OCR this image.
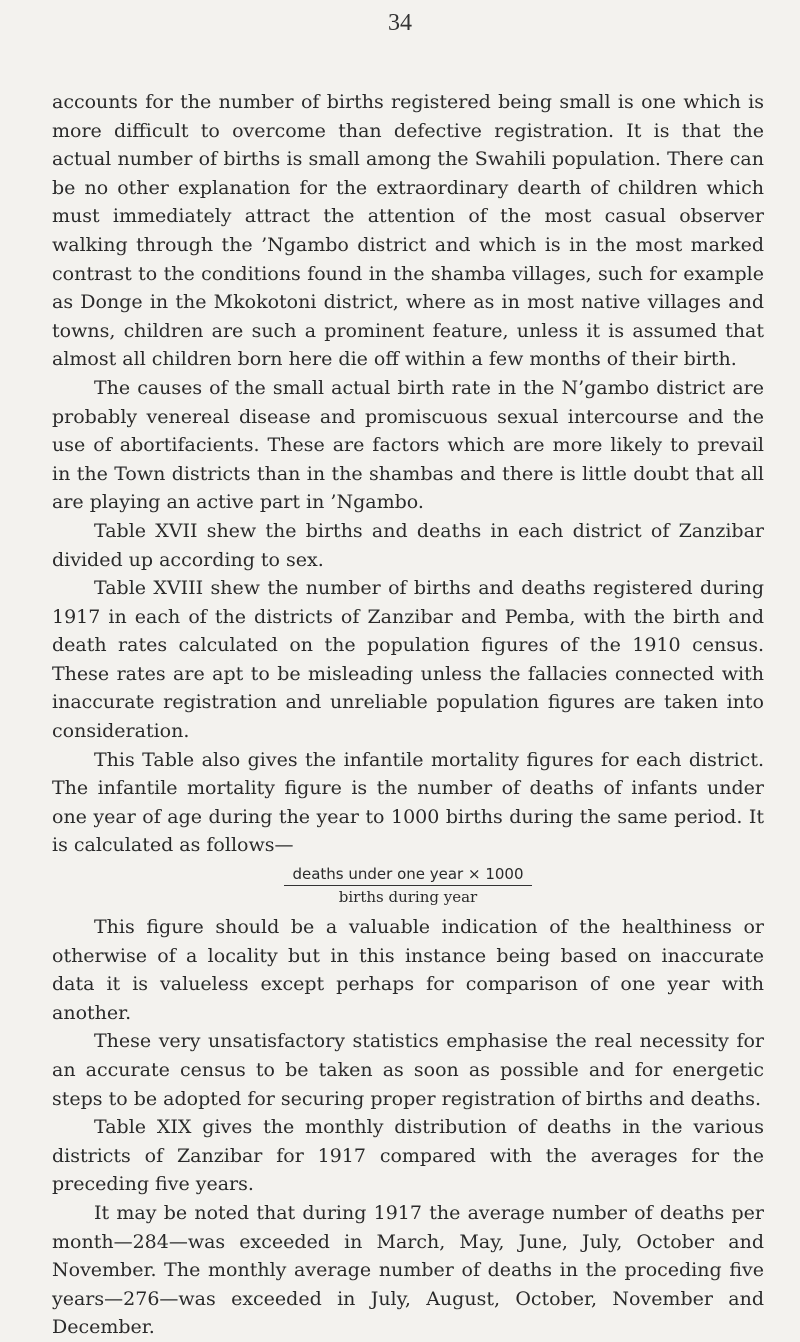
34

accounts for the number of births registered being small is one which is more difficult to overcome than defective registration. It is that the actual number of births is small among the Swahili population. There can be no other explanation for the extraordinary dearth of children which must immediately attract the attention of the most casual observer walking through the ’Ngambo district and which is in the most marked contrast to the conditions found in the shamba villages, such for example as Donge in the Mkokotoni district, where as in most native villages and towns, children are such a prominent feature, unless it is assumed that almost all children born here die off within a few months of their birth.

The causes of the small actual birth rate in the N’gambo district are probably venereal disease and promiscuous sexual intercourse and the use of abortifacients. These are factors which are more likely to prevail in the Town districts than in the shambas and there is little doubt that all are playing an active part in ’Ngambo.

Table XVII shew the births and deaths in each district of Zanzibar divided up according to sex.

Table XVIII shew the number of births and deaths registered during 1917 in each of the districts of Zanzibar and Pemba, with the birth and death rates calculated on the population figures of the 1910 census. These rates are apt to be misleading unless the fallacies connected with inaccurate registration and unreliable population figures are taken into consideration.

This Table also gives the infantile mortality figures for each district. The infantile mortality figure is the number of deaths of infants under one year of age during the year to 1000 births during the same period. It is calculated as follows—

deaths under one year × 1000
births during year

This figure should be a valuable indication of the healthiness or otherwise of a locality but in this instance being based on inaccurate data it is valueless except perhaps for comparison of one year with another.

These very unsatisfactory statistics emphasise the real necessity for an accurate census to be taken as soon as possible and for energetic steps to be adopted for securing proper registration of births and deaths.

Table XIX gives the monthly distribution of deaths in the various districts of Zanzibar for 1917 compared with the averages for the preceding five years.

It may be noted that during 1917 the average number of deaths per month—284—was exceeded in March, May, June, July, October and November. The monthly average number of deaths in the proceding five years—276—was exceeded in July, August, October, November and December.
